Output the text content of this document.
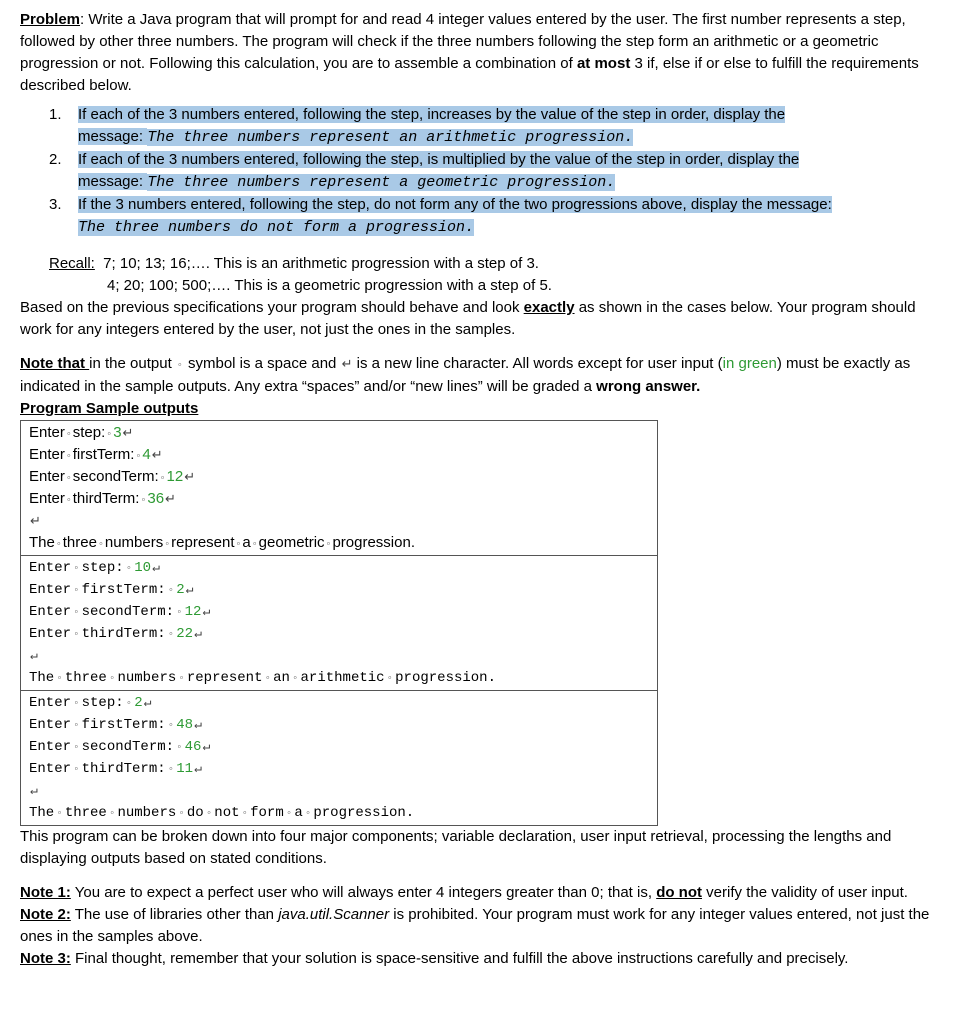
Problem: Write a Java program that will prompt for and read 4 integer values entered by the user. The first number represents a step, followed by other three numbers. The program will check if the three numbers following the step form an arithmetic or a geometric progression or not. Following this calculation, you are to assemble a combination of at most 3 if, else if or else to fulfill the requirements described below.

1. If each of the 3 numbers entered, following the step, increases by the value of the step in order, display the
message: The three numbers represent an arithmetic progression.
2. If each of the 3 numbers entered, following the step, is multiplied by the value of the step in order, display the
message: The three numbers represent a geometric progression.
3. If the 3 numbers entered, following the step, do not form any of the two progressions above, display the message:
The three numbers do not form a progression.
Recall: 7; 10; 13; 16;…. This is an arithmetic progression with a step of 3.
4; 20; 100; 500;…. This is a geometric progression with a step of 5.

Based on the previous specifications your program should behave and look exactly as shown in the cases below. Your program should work for any integers entered by the user, not just the ones in the samples.

Note that in the output ◦ symbol is a space and ↵ is a new line character. All words except for user input (in green) must be exactly as indicated in the sample outputs. Any extra “spaces” and/or “new lines” will be graded a wrong answer.

Program Sample outputs

Enter ◦ step: ◦ 3↵
Enter ◦ firstTerm: ◦ 4↵
Enter ◦ secondTerm: ◦ 12↵
Enter ◦ thirdTerm: ◦ 36↵
↵
The ◦ three ◦ numbers ◦ represent ◦ a ◦ geometric ◦ progression.
Enter ◦ step: ◦ 10↵
Enter ◦ firstTerm: ◦ 2↵
Enter ◦ secondTerm: ◦ 12↵
Enter ◦ thirdTerm: ◦ 22↵
↵
The ◦ three ◦ numbers ◦ represent ◦ an ◦ arithmetic ◦ progression.
Enter ◦ step: ◦ 2↵
Enter ◦ firstTerm: ◦ 48↵
Enter ◦ secondTerm: ◦ 46↵
Enter ◦ thirdTerm: ◦ 11↵
↵
The ◦ three ◦ numbers ◦ do ◦ not ◦ form ◦ a ◦ progression.

This program can be broken down into four major components; variable declaration, user input retrieval, processing the lengths and displaying outputs based on stated conditions.

Note 1: You are to expect a perfect user who will always enter 4 integers greater than 0; that is, do not verify the validity of user input.

Note 2: The use of libraries other than java.util.Scanner is prohibited. Your program must work for any integer values entered, not just the ones in the samples above.

Note 3: Final thought, remember that your solution is space-sensitive and fulfill the above instructions carefully and precisely.
